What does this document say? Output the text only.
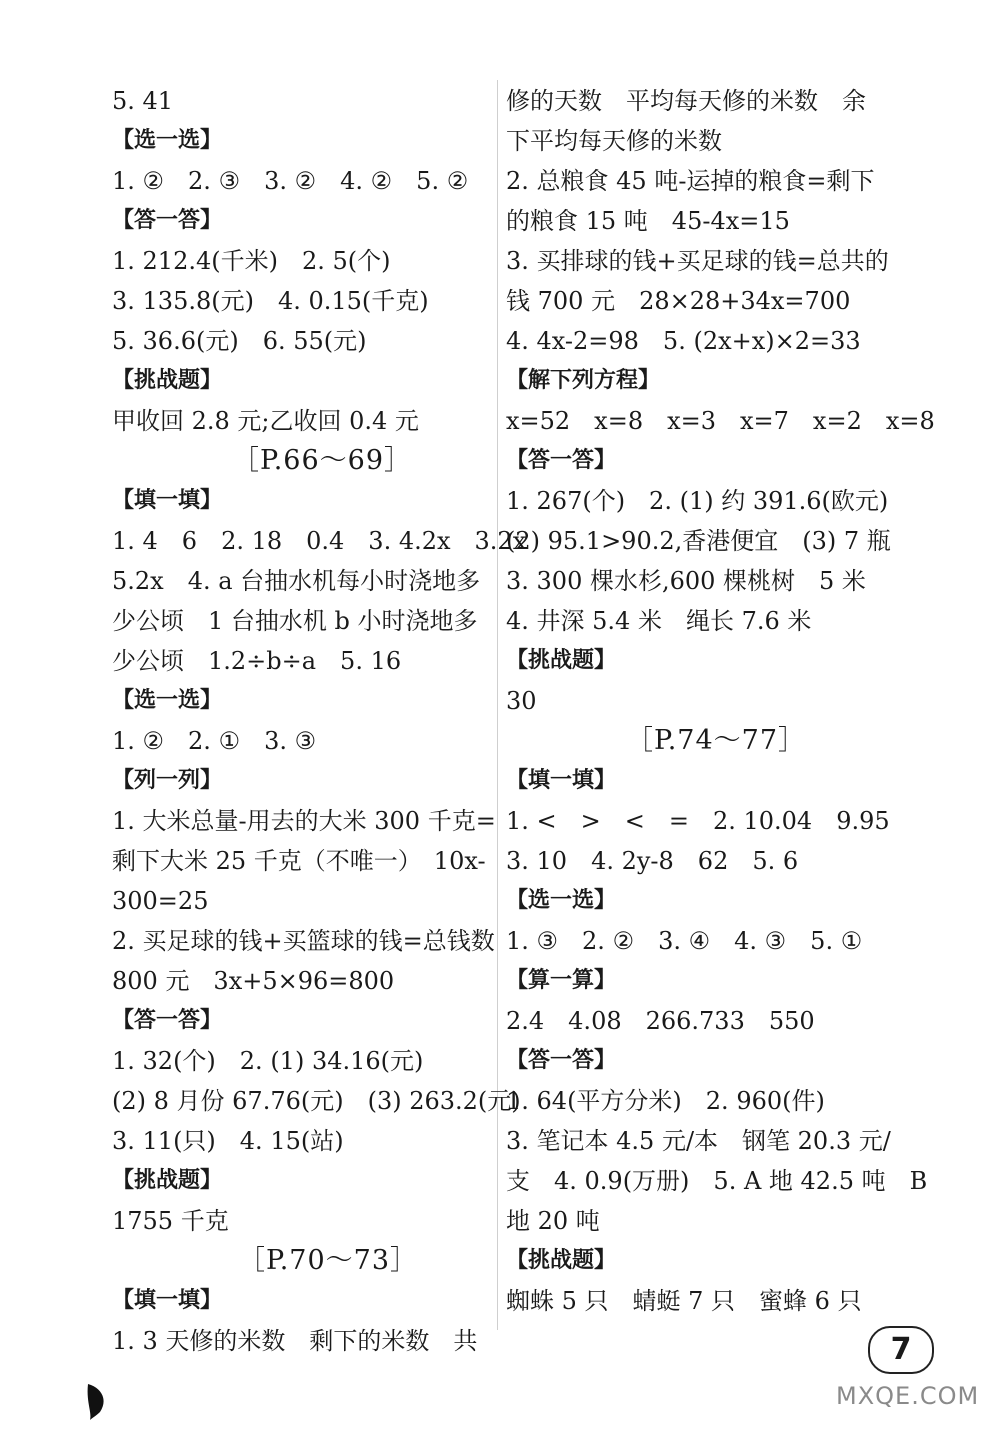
5. 41
【选一选】
1. ②　2. ③　3. ②　4. ②　5. ②
【答一答】
1. 212.4(千米)　2. 5(个)
3. 135.8(元)　4. 0.15(千克)
5. 36.6(元)　6. 55(元)
【挑战题】
甲收回 2.8 元;乙收回 0.4 元
［P.66～69］
【填一填】
1. 4　6　2. 18　0.4　3. 4.2x　3.2x
5.2x　4. a 台抽水机每小时浇地多
少公顷　1 台抽水机 b 小时浇地多
少公顷　1.2÷b÷a　5. 16
【选一选】
1. ②　2. ①　3. ③
【列一列】
1. 大米总量-用去的大米 300 千克=
剩下大米 25 千克（不唯一）　10x-
300=25
2. 买足球的钱+买篮球的钱=总钱数
800 元　3x+5×96=800
【答一答】
1. 32(个)　2. (1) 34.16(元)
(2) 8 月份 67.76(元)　(3) 263.2(元)
3. 11(只)　4. 15(站)
【挑战题】
1755 千克
［P.70～73］
【填一填】
1. 3 天修的米数　剩下的米数　共
修的天数　平均每天修的米数　余
下平均每天修的米数
2. 总粮食 45 吨-运掉的粮食=剩下
的粮食 15 吨　45-4x=15
3. 买排球的钱+买足球的钱=总共的
钱 700 元　28×28+34x=700
4. 4x-2=98　5. (2x+x)×2=33
【解下列方程】
x=52　x=8　x=3　x=7　x=2　x=8
【答一答】
1. 267(个)　2. (1) 约 391.6(欧元)
(2) 95.1>90.2,香港便宜　(3) 7 瓶
3. 300 棵水杉,600 棵桃树　5 米
4. 井深 5.4 米　绳长 7.6 米
【挑战题】
30
［P.74～77］
【填一填】
1. <　>　<　=　2. 10.04　9.95
3. 10　4. 2y-8　62　5. 6
【选一选】
1. ③　2. ②　3. ④　4. ③　5. ①
【算一算】
2.4　4.08　266.733　550
【答一答】
1. 64(平方分米)　2. 960(件)
3. 笔记本 4.5 元/本　钢笔 20.3 元/
支　4. 0.9(万册)　5. A 地 42.5 吨　B
地 20 吨
【挑战题】
蜘蛛 5 只　蜻蜓 7 只　蜜蜂 6 只
7
MXQE.COM
